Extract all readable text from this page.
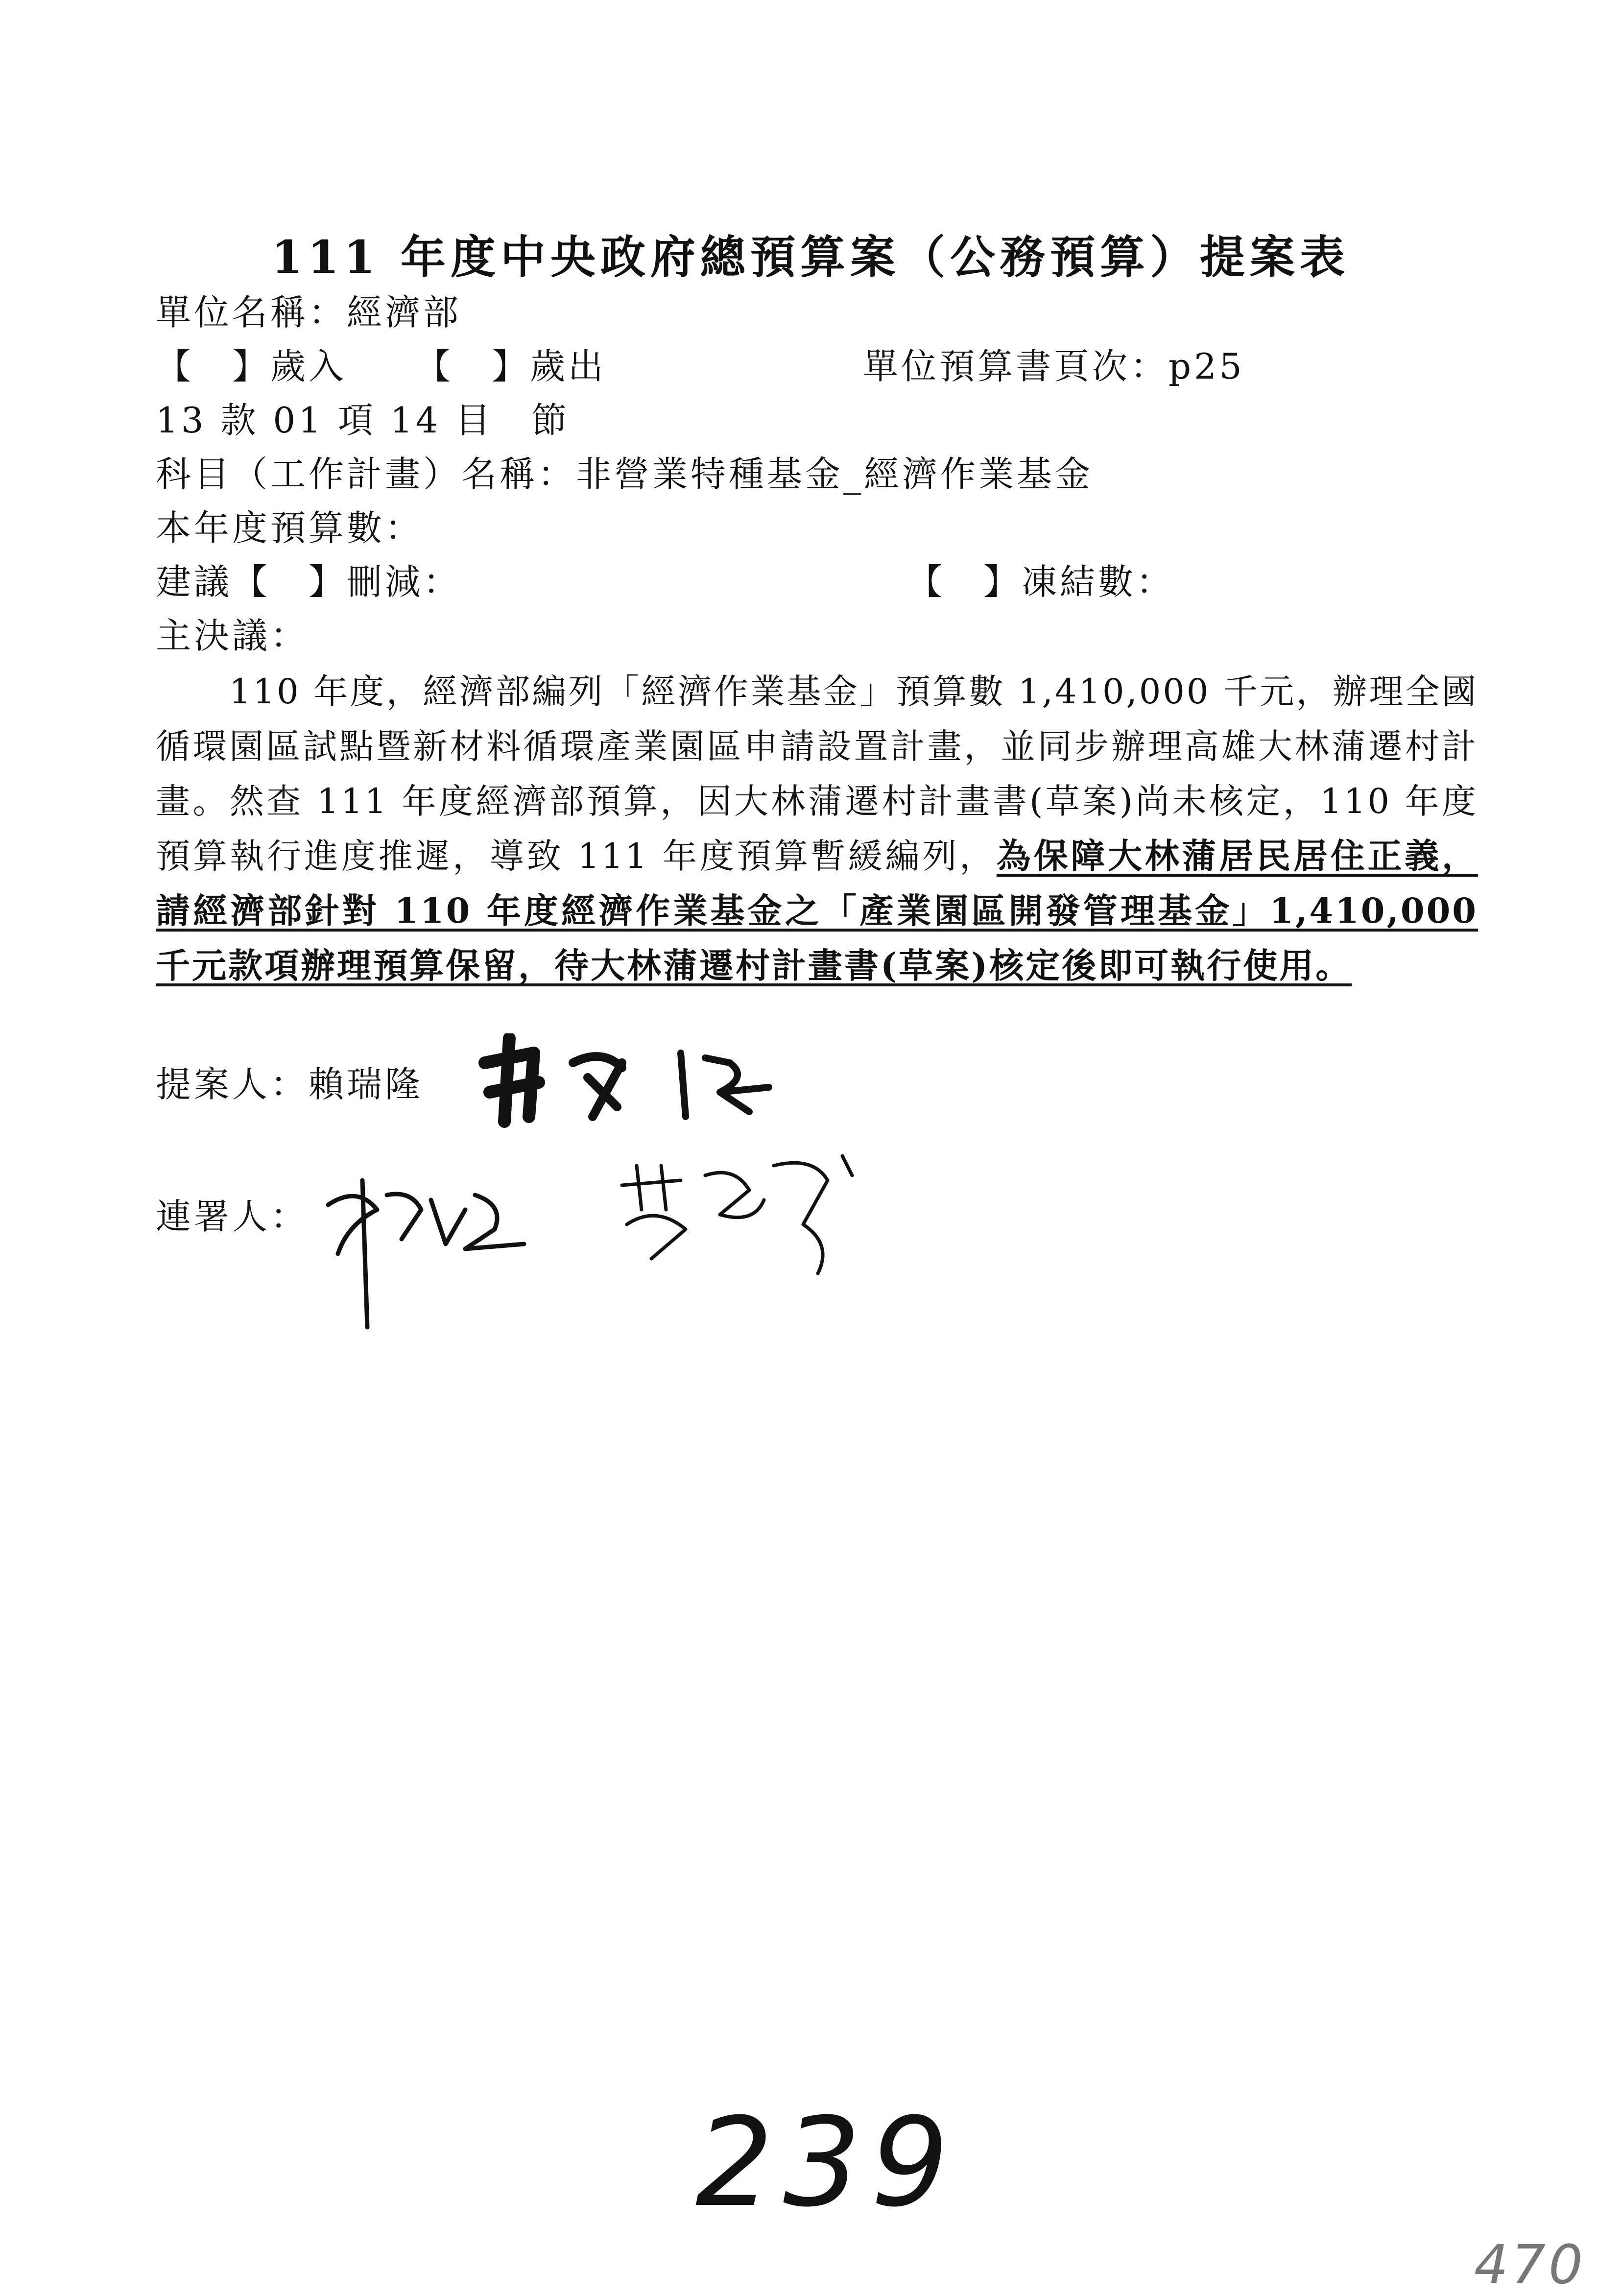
111 年度中央政府總預算案（公務預算）提案表
單位名稱：經濟部
【　】歲入 【　】歲出	單位預算書頁次：p25
13 款 01 項 14 目　節
科目（工作計畫）名稱：非營業特種基金_經濟作業基金
本年度預算數：
建議【　】刪減：	【　】凍結數：
主決議：

110 年度，經濟部編列「經濟作業基金」預算數 1,410,000 千元，辦理全國循環園區試點暨新材料循環產業園區申請設置計畫，並同步辦理高雄大林蒲遷村計畫。然查 111 年度經濟部預算，因大林蒲遷村計畫書(草案)尚未核定，110 年度預算執行進度推遲，導致 111 年度預算暫緩編列，為保障大林蒲居民居住正義，請經濟部針對 110 年度經濟作業基金之「產業園區開發管理基金」1,410,000 千元款項辦理預算保留，待大林蒲遷村計畫書(草案)核定後即可執行使用。

提案人：賴瑞隆
連署人：
239
470
